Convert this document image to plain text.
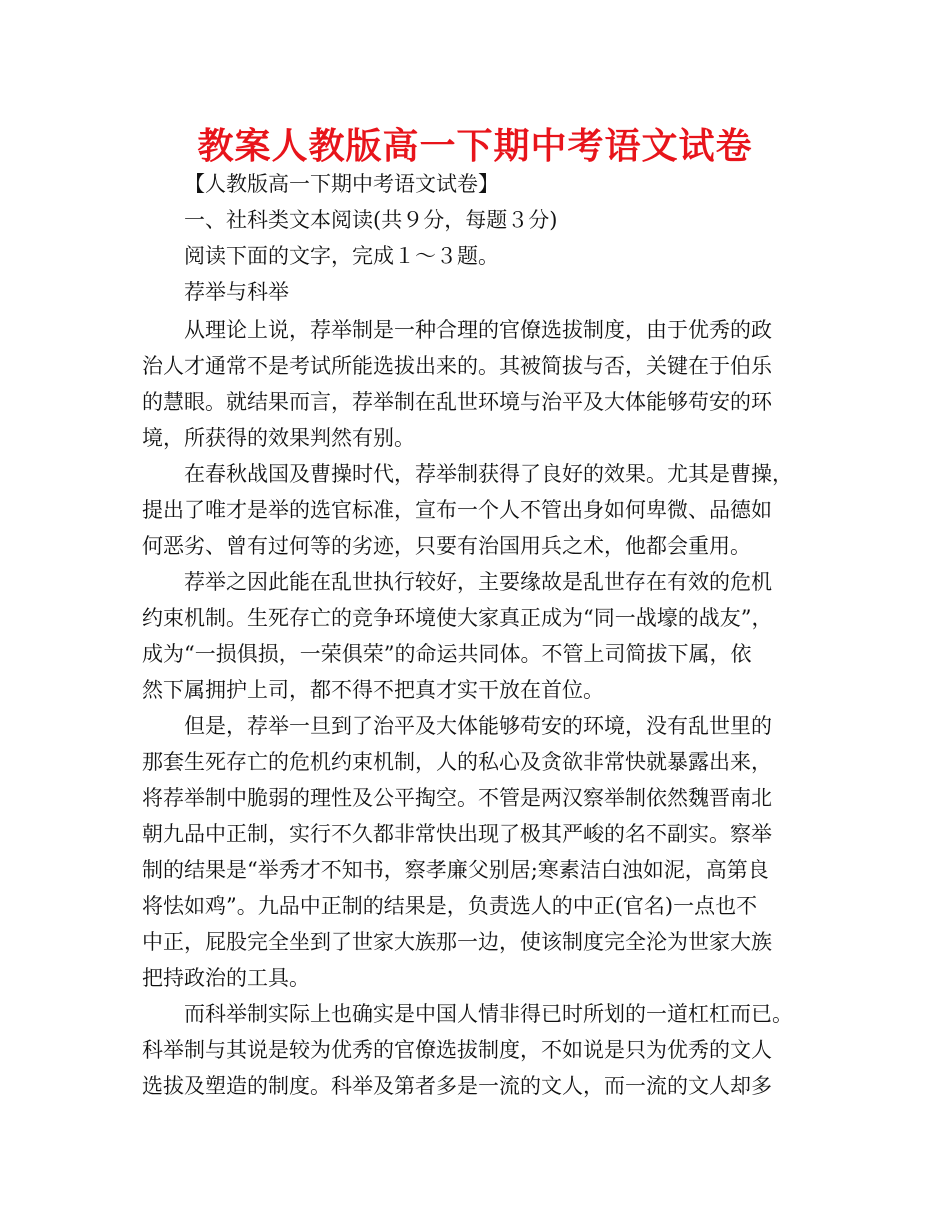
教案人教版高一下期中考语文试卷
【人教版高一下期中考语文试卷】
一、社科类文本阅读(共９分，每题３分)
阅读下面的文字，完成１～３题。
荐举与科举
从理论上说，荐举制是一种合理的官僚选拔制度，由于优秀的政
治人才通常不是考试所能选拔出来的。其被简拔与否，关键在于伯乐
的慧眼。就结果而言，荐举制在乱世环境与治平及大体能够苟安的环
境，所获得的效果判然有别。
在春秋战国及曹操时代，荐举制获得了良好的效果。尤其是曹操，
提出了唯才是举的选官标准，宣布一个人不管出身如何卑微、品德如
何恶劣、曾有过何等的劣迹，只要有治国用兵之术，他都会重用。
荐举之因此能在乱世执行较好，主要缘故是乱世存在有效的危机
约束机制。生死存亡的竞争环境使大家真正成为“同一战壕的战友”，
成为“一损俱损，一荣俱荣”的命运共同体。不管上司简拔下属，依
然下属拥护上司，都不得不把真才实干放在首位。
但是，荐举一旦到了治平及大体能够苟安的环境，没有乱世里的
那套生死存亡的危机约束机制，人的私心及贪欲非常快就暴露出来，
将荐举制中脆弱的理性及公平掏空。不管是两汉察举制依然魏晋南北
朝九品中正制，实行不久都非常快出现了极其严峻的名不副实。察举
制的结果是“举秀才不知书，察孝廉父别居;寒素洁白浊如泥，高第良
将怯如鸡”。九品中正制的结果是，负责选人的中正(官名)一点也不
中正，屁股完全坐到了世家大族那一边，使该制度完全沦为世家大族
把持政治的工具。
而科举制实际上也确实是中国人情非得已时所划的一道杠杠而已。
科举制与其说是较为优秀的官僚选拔制度，不如说是只为优秀的文人
选拔及塑造的制度。科举及第者多是一流的文人，而一流的文人却多
